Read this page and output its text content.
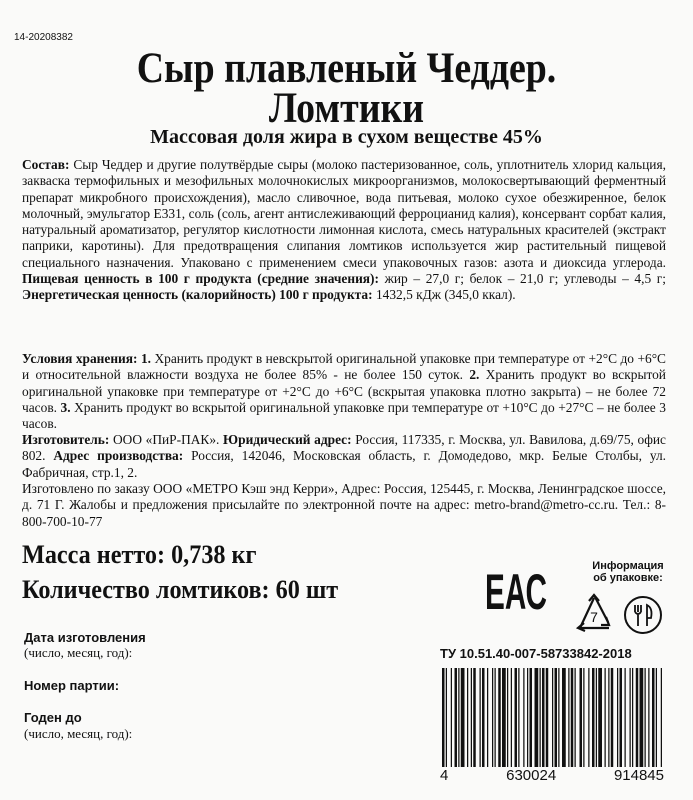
14-20208382
Сыр плавленый Чеддер.
Ломтики
Массовая доля жира в сухом веществе 45%
Состав: Сыр Чеддер и другие полутвёрдые сыры (молоко пастеризованное, соль, уплотнитель хлорид кальция, закваска термофильных и мезофильных молочнокислых микроорганизмов, молокосвертывающий ферментный препарат микробного происхождения), масло сливочное, вода питьевая, молоко сухое обезжиренное, белок молочный, эмульгатор Е331, соль (соль, агент антислеживающий ферроцианид калия), консервант сорбат калия, натуральный ароматизатор, регулятор кислотности лимонная кислота, смесь натуральных красителей (экстракт паприки, каротины). Для предотвращения слипания ломтиков используется жир растительный пищевой специального назначения. Упаковано с применением смеси упаковочных газов: азота и диоксида углерода. Пищевая ценность в 100 г продукта (средние значения): жир – 27,0 г; белок – 21,0 г; углеводы – 4,5 г; Энергетическая ценность (калорийность) 100 г продукта: 1432,5 кДж (345,0 ккал).
Условия хранения: 1. Хранить продукт в невскрытой оригинальной упаковке при температуре от +2°C до +6°C и относительной влажности воздуха не более 85% - не более 150 суток. 2. Хранить продукт во вскрытой оригинальной упаковке при температуре от +2°C до +6°C (вскрытая упаковка плотно закрыта) – не более 72 часов. 3. Хранить продукт во вскрытой оригинальной упаковке при температуре от +10°C до +27°C – не более 3 часов.
Изготовитель: ООО «ПиР-ПАК». Юридический адрес: Россия, 117335, г. Москва, ул. Вавилова, д.69/75, офис 802. Адрес производства: Россия, 142046, Московская область, г. Домодедово, мкр. Белые Столбы, ул. Фабричная, стр.1, 2.
Изготовлено по заказу ООО «МЕТРО Кэш энд Керри», Адрес: Россия, 125445, г. Москва, Ленинградское шоссе, д. 71 Г. Жалобы и предложения присылайте по электронной почте на адрес: metro-brand@metro-cc.ru. Тел.: 8-800-700-10-77
Масса нетто: 0,738 кг
Количество ломтиков: 60 шт	ЕАС	Информация об упаковке:
7
Дата изготовления
(число, месяц, год):
Номер партии:
Годен до
(число, месяц, год):
ТУ 10.51.40-007-58733842-2018
4	630024	914845
